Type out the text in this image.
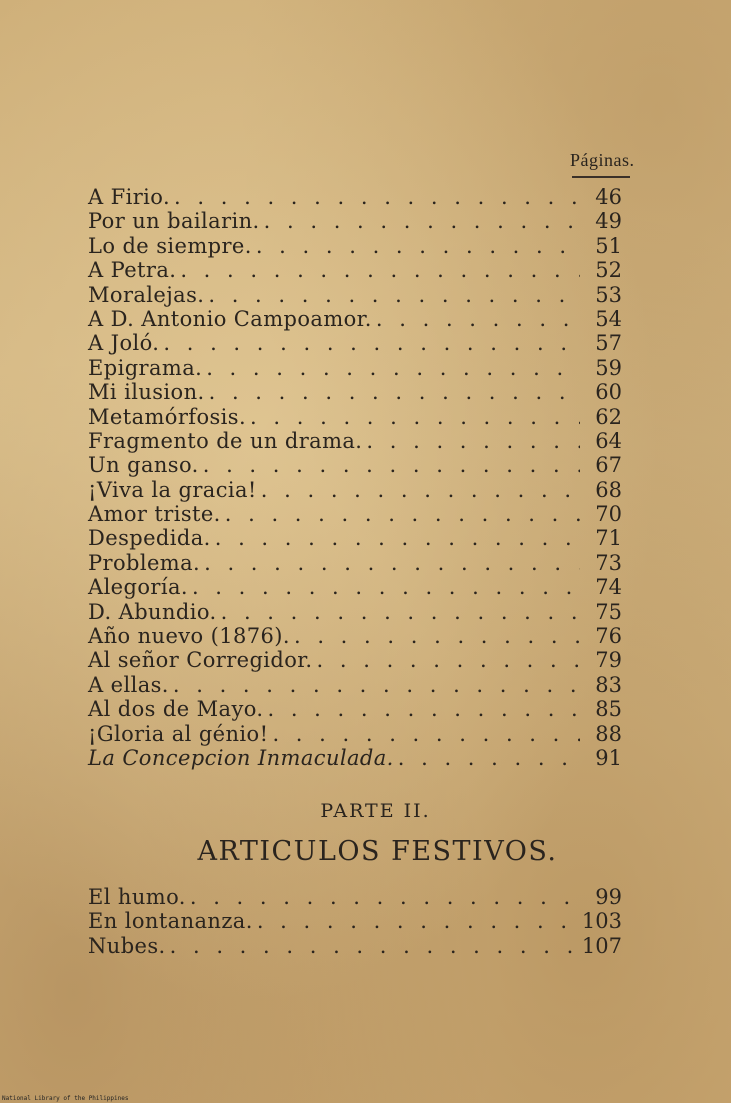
Páginas.
A Firio. . . .	46
Por un bailarin. . . .	49
Lo de siempre. . . .	51
A Petra. . . .	52
Moralejas. . . .	53
A D. Antonio Campoamor. . . .	54
A Joló. . . .	57
Epigrama. . . .	59
Mi ilusion. . . .	60
Metamórfosis. . . .	62
Fragmento de un drama. . . .	64
Un ganso. . . .	67
¡Viva la gracia! . . .	68
Amor triste. . . .	70
Despedida. . . .	71
Problema. . . .	73
Alegoría. . . .	74
D. Abundio. . . .	75
Año nuevo (1876). . . .	76
Al señor Corregidor. . . .	79
A ellas. . . .	83
Al dos de Mayo. . . .	85
¡Gloria al génio! . . .	88
La Concepcion Inmaculada. . . .	91
PARTE II.
ARTICULOS FESTIVOS.
El humo. . . .	99
En lontananza. . . .	103
Nubes. . . .	107
National Library of the Philippines
